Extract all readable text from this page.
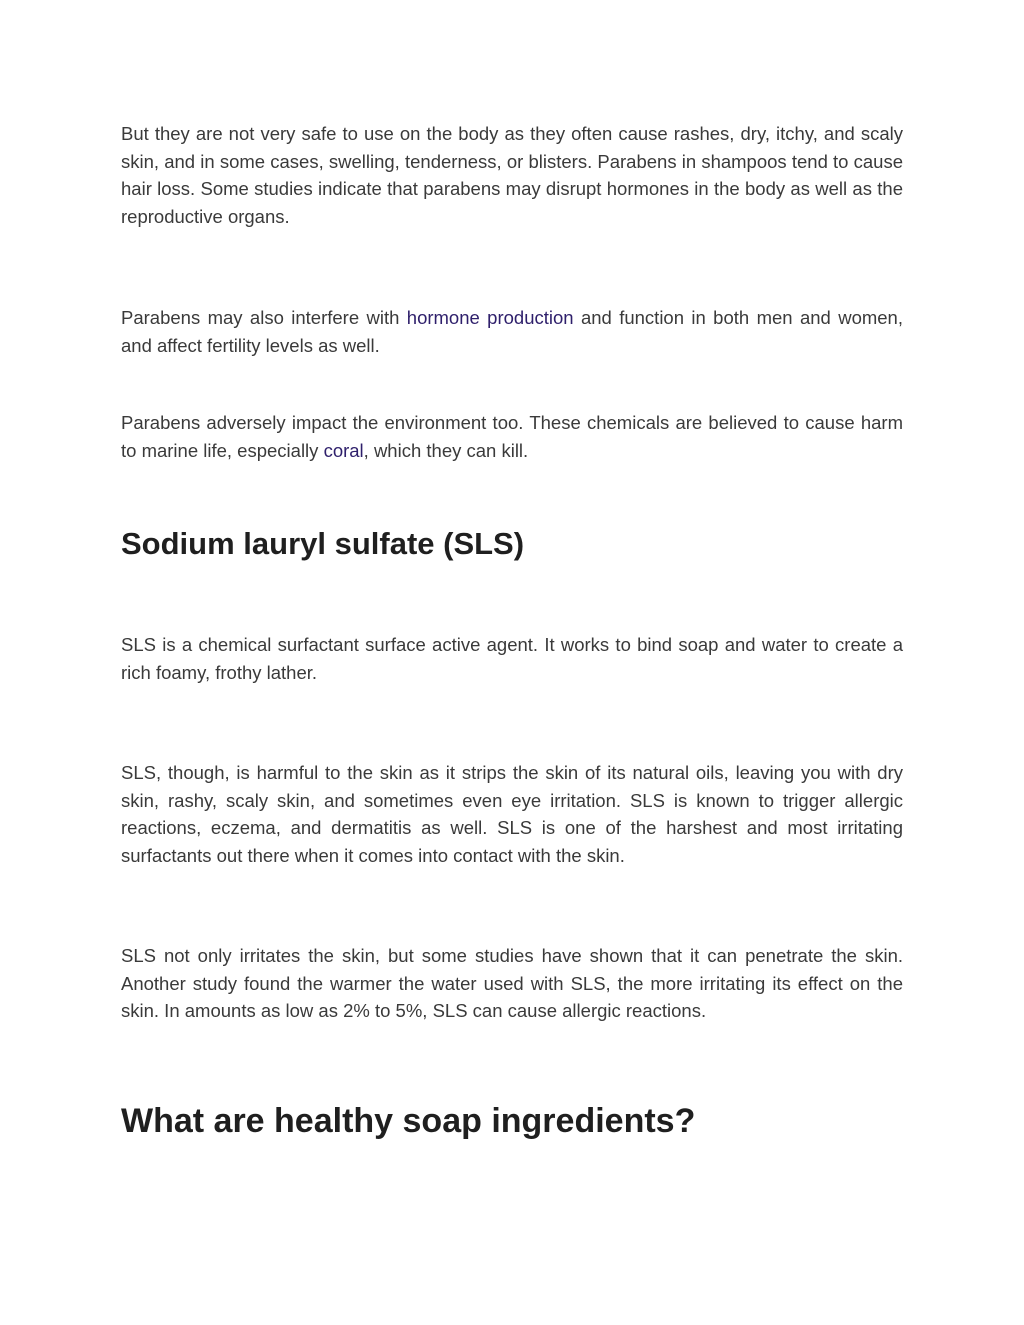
But they are not very safe to use on the body as they often cause rashes, dry, itchy, and scaly skin, and in some cases, swelling, tenderness, or blisters. Parabens in shampoos tend to cause hair loss. Some studies indicate that parabens may disrupt hormones in the body as well as the reproductive organs.

Parabens may also interfere with hormone production and function in both men and women, and affect fertility levels as well.

Parabens adversely impact the environment too. These chemicals are believed to cause harm to marine life, especially coral, which they can kill.

Sodium lauryl sulfate (SLS)

SLS is a chemical surfactant surface active agent. It works to bind soap and water to create a rich foamy, frothy lather.

SLS, though, is harmful to the skin as it strips the skin of its natural oils, leaving you with dry skin, rashy, scaly skin, and sometimes even eye irritation. SLS is known to trigger allergic reactions, eczema, and dermatitis as well. SLS is one of the harshest and most irritating surfactants out there when it comes into contact with the skin.

SLS not only irritates the skin, but some studies have shown that it can penetrate the skin. Another study found the warmer the water used with SLS, the more irritating its effect on the skin. In amounts as low as 2% to 5%, SLS can cause allergic reactions.

What are healthy soap ingredients?
